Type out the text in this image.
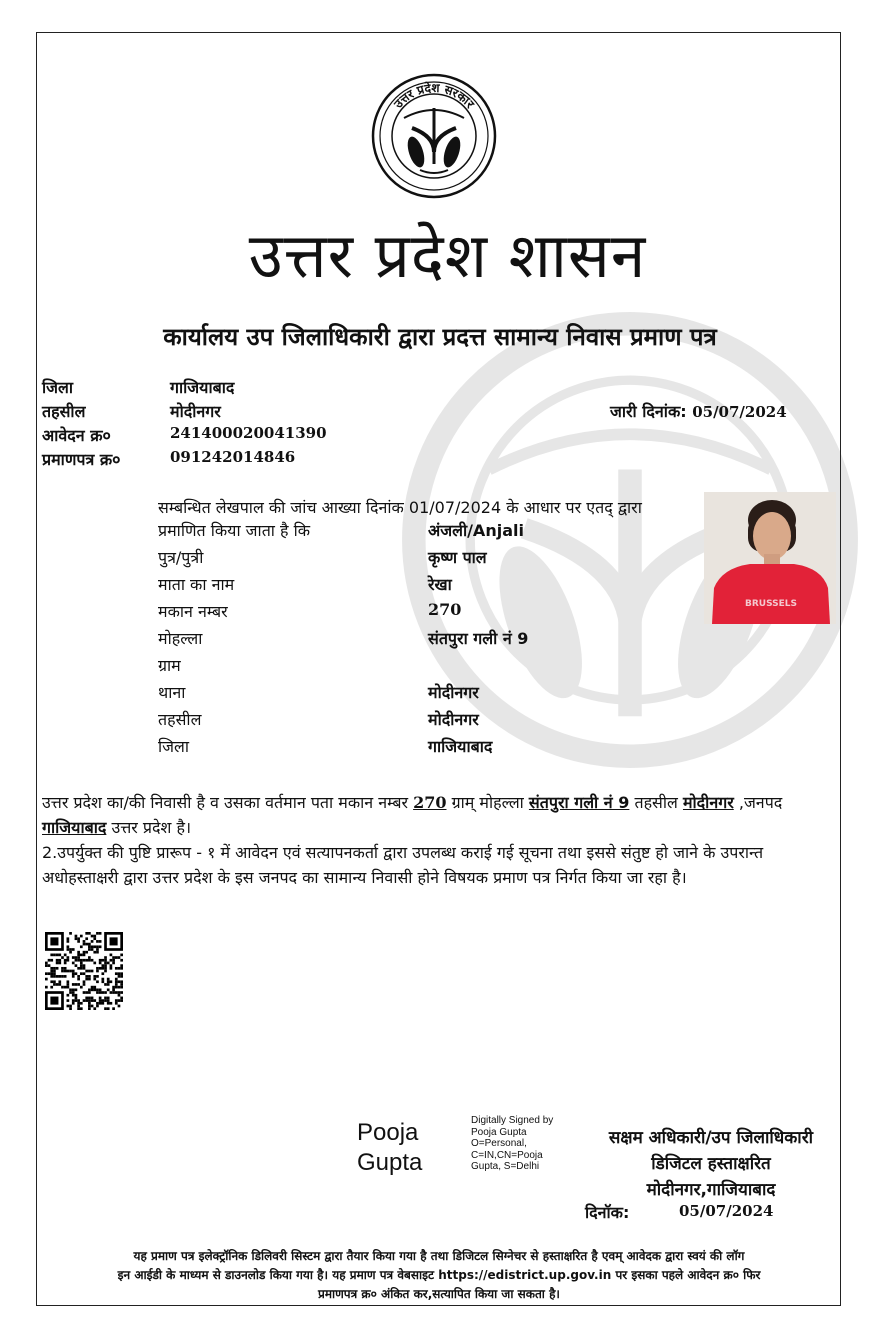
उत्तर प्रदेश सरकार
उत्तर प्रदेश शासन
कार्यालय उप जिलाधिकारी द्वारा प्रदत्त सामान्य निवास प्रमाण पत्र
जिला	गाजियाबाद
तहसील	मोदीनगर
आवेदन क्र०	241400020041390
प्रमाणपत्र क्र०	091242014846
जारी दिनांक: 05/07/2024
सम्बन्धित लेखपाल की जांच आख्या दिनांक 01/07/2024 के आधार पर एतद् द्वारा
प्रमाणित किया जाता है कि	अंजली/Anjali
पुत्र/पुत्री	कृष्ण पाल
माता का नाम	रेखा
मकान नम्बर	270
मोहल्ला	संतपुरा गली नं 9
ग्राम
थाना	मोदीनगर
तहसील	मोदीनगर
जिला	गाजियाबाद
BRUSSELS
उत्तर प्रदेश का/की निवासी है व उसका वर्तमान पता मकान नम्बर 270 ग्राम् मोहल्ला संतपुरा गली नं 9 तहसील मोदीनगर ,जनपद गाजियाबाद उत्तर प्रदेश है।
2.उपर्युक्त की पुष्टि प्रारूप - १ में आवेदन एवं सत्यापनकर्ता द्वारा उपलब्ध कराई गई सूचना तथा इससे संतुष्ट हो जाने के उपरान्त अधोहस्ताक्षरी द्वारा उत्तर प्रदेश के इस जनपद का सामान्य निवासी होने विषयक प्रमाण पत्र निर्गत किया जा रहा है।
Pooja
Gupta
Digitally Signed by
Pooja Gupta
O=Personal,
C=IN,CN=Pooja
Gupta, S=Delhi
सक्षम अधिकारी/उप जिलाधिकारी
डिजिटल हस्ताक्षरित
मोदीनगर,गाजियाबाद
दिनॉक:	05/07/2024
यह प्रमाण पत्र इलेक्ट्रॉनिक डिलिवरी सिस्टम द्वारा तैयार किया गया है तथा डिजिटल सिग्नेचर से हस्ताक्षरित है एवम् आवेदक द्वारा स्वयं की लॉग
इन आईडी के माध्यम से डाउनलोड किया गया है। यह प्रमाण पत्र वेबसाइट https://edistrict.up.gov.in पर इसका पहले आवेदन क्र० फिर
प्रमाणपत्र क्र० अंकित कर,सत्यापित किया जा सकता है।
